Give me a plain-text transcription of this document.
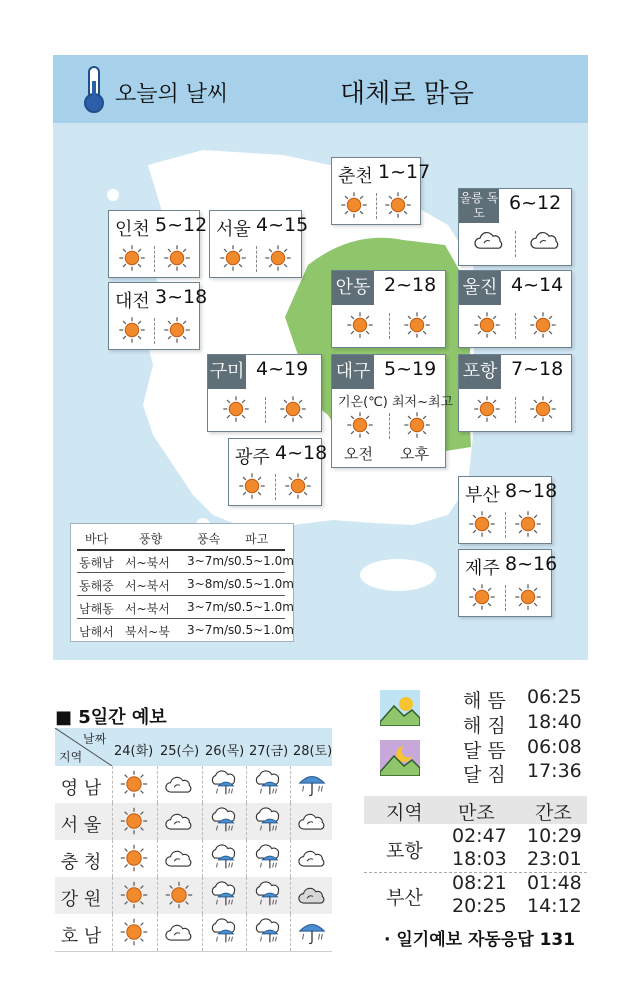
오늘의 날씨	대체로 맑음
춘천 1~17
인천 5~12 서울 4~15
울릉 독도	6~12
대전 3~18	안동 2~18 울진 4~14
구미 4~19 대구 5~19
기온(℃) 최저~최고
오전 오후
포항 7~18
광주 4~18
부산 8~18
제주 8~16
바다	풍향	풍속 파고
동해남 서~북서 3~7m/s 0.5~1.0m
동해중 서~북서 3~8m/s 0.5~1.0m
남해동 서~북서 3~7m/s 0.5~1.0m
남해서 북서~북 3~7m/s 0.5~1.0m
■ 5일간 예보
날짜
지역 24(화) 25(수) 26(목) 27(금) 28(토)
영 남
서 울
충 청
강 원
호 남
해 뜸 06:25
해 짐 18:40
달 뜸 06:08
달 짐 17:36
지역 만조 간조
포항
02:47 10:29
18:03 23:01
부산
08:21 01:48
20:25 14:12
· 일기예보 자동응답 131
